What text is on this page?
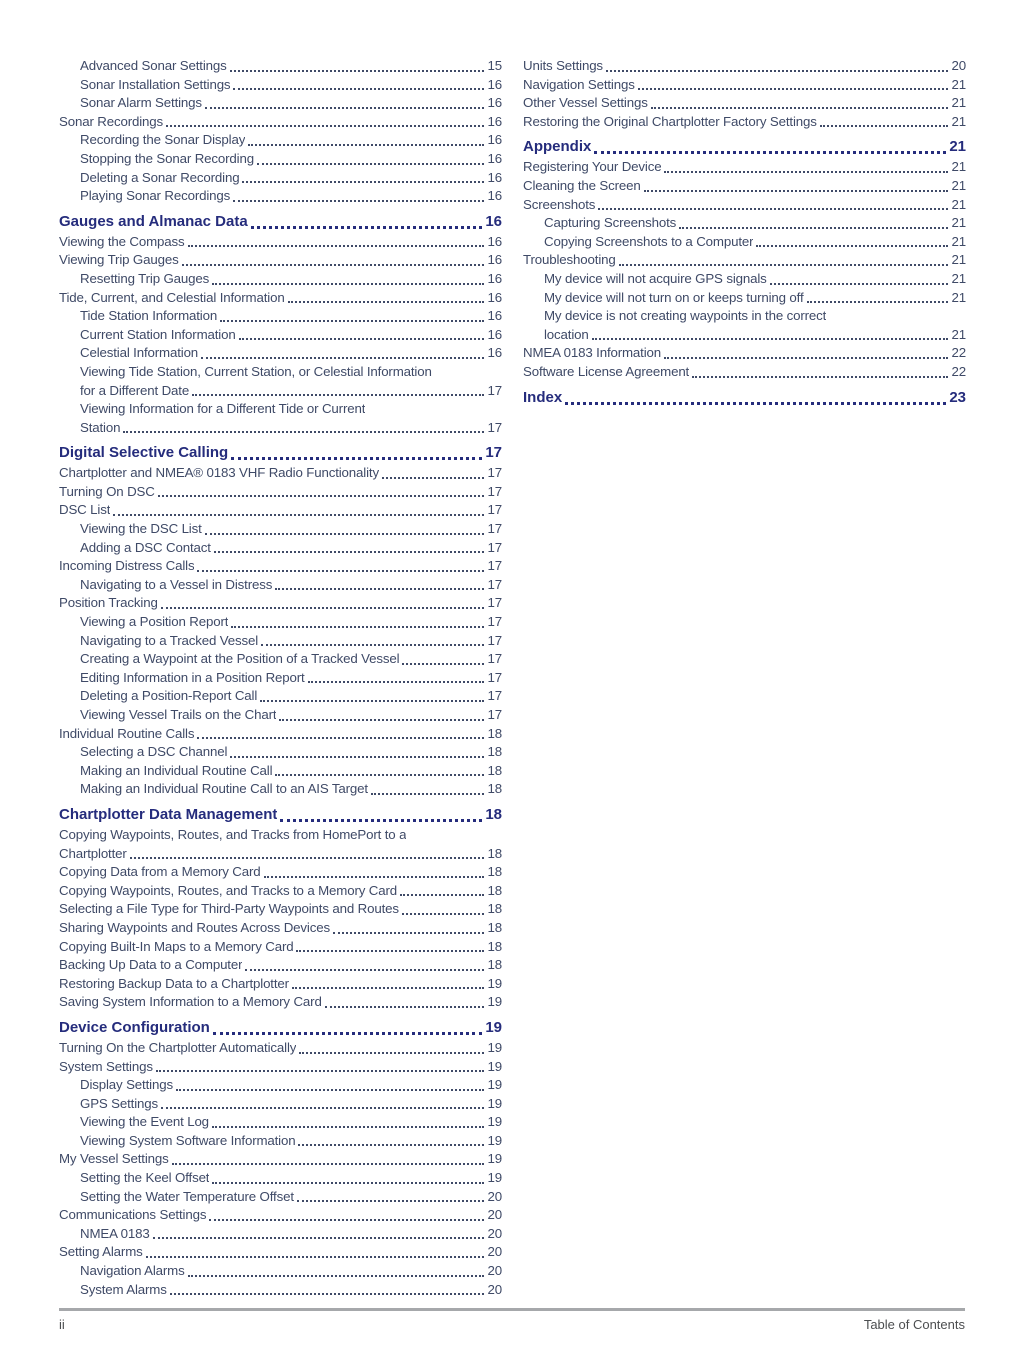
Advanced Sonar Settings	15
Sonar Installation Settings	16
Sonar Alarm Settings	16
Sonar Recordings	16
Recording the Sonar Display	16
Stopping the Sonar Recording	16
Deleting a Sonar Recording	16
Playing Sonar Recordings	16
Gauges and Almanac Data	16
Viewing the Compass	16
Viewing Trip Gauges	16
Resetting Trip Gauges	16
Tide, Current, and Celestial Information	16
Tide Station Information	16
Current Station Information	16
Celestial Information	16
Viewing Tide Station, Current Station, or Celestial Information
for a Different Date	17
Viewing Information for a Different Tide or Current
Station	17
Digital Selective Calling	17
Chartplotter and NMEA® 0183 VHF Radio Functionality	17
Turning On DSC	17
DSC List	17
Viewing the DSC List	17
Adding a DSC Contact	17
Incoming Distress Calls	17
Navigating to a Vessel in Distress	17
Position Tracking	17
Viewing a Position Report	17
Navigating to a Tracked Vessel	17
Creating a Waypoint at the Position of a Tracked Vessel	17
Editing Information in a Position Report	17
Deleting a Position-Report Call	17
Viewing Vessel Trails on the Chart	17
Individual Routine Calls	18
Selecting a DSC Channel	18
Making an Individual Routine Call	18
Making an Individual Routine Call to an AIS Target	18
Chartplotter Data Management	18
Copying Waypoints, Routes, and Tracks from HomePort to a
Chartplotter	18
Copying Data from a Memory Card	18
Copying Waypoints, Routes, and Tracks to a Memory Card	18
Selecting a File Type for Third-Party Waypoints and Routes	18
Sharing Waypoints and Routes Across Devices	18
Copying Built-In Maps to a Memory Card	18
Backing Up Data to a Computer	18
Restoring Backup Data to a Chartplotter	19
Saving System Information to a Memory Card	19
Device Configuration	19
Turning On the Chartplotter Automatically	19
System Settings	19
Display Settings	19
GPS Settings	19
Viewing the Event Log	19
Viewing System Software Information	19
My Vessel Settings	19
Setting the Keel Offset	19
Setting the Water Temperature Offset	20
Communications Settings	20
NMEA 0183	20
Setting Alarms	20
Navigation Alarms	20
System Alarms	20
Units Settings	20
Navigation Settings	21
Other Vessel Settings	21
Restoring the Original Chartplotter Factory Settings	21
Appendix	21
Registering Your Device	21
Cleaning the Screen	21
Screenshots	21
Capturing Screenshots	21
Copying Screenshots to a Computer	21
Troubleshooting	21
My device will not acquire GPS signals	21
My device will not turn on or keeps turning off	21
My device is not creating waypoints in the correct
location	21
NMEA 0183 Information	22
Software License Agreement	22
Index	23
ii	Table of Contents
